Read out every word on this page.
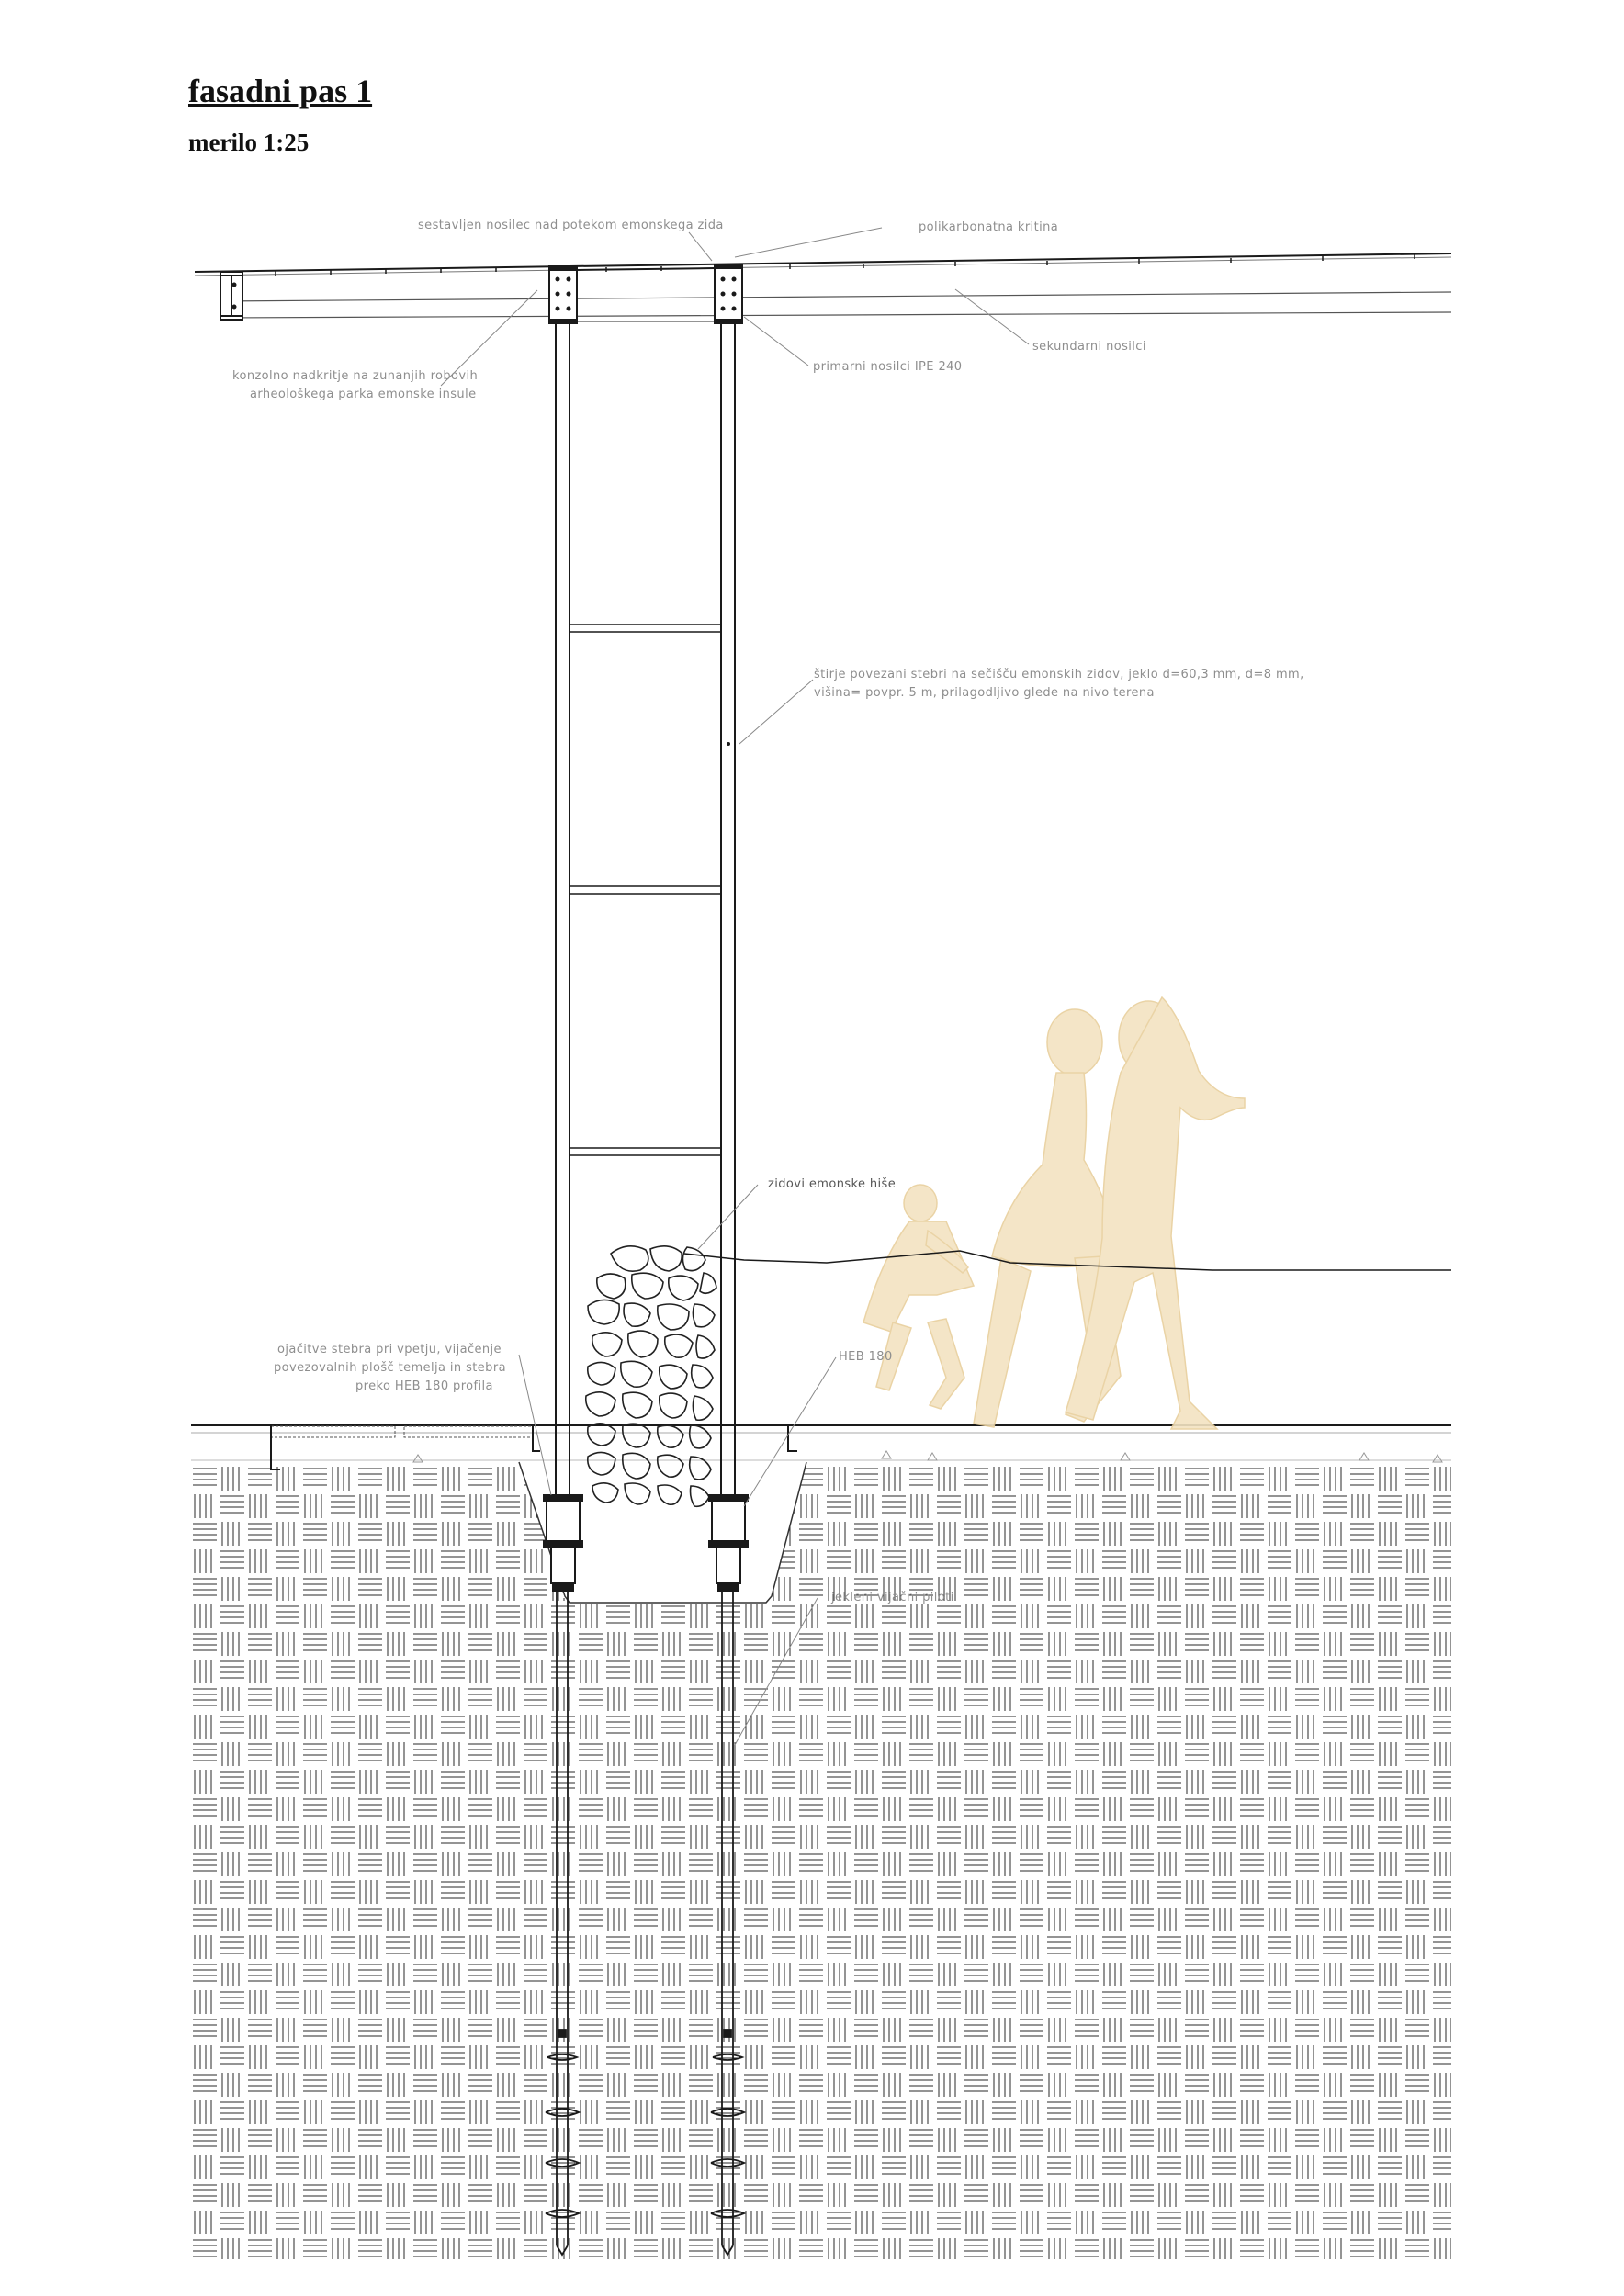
fasadni pas 1
merilo 1:25
sestavljen nosilec nad potekom emonskega zida	polikarbonatna kritina
sekundarni nosilci
primarni nosilci IPE 240
konzolno nadkritje na zunanjih robovih
arheološkega parka emonske insule
štirje povezani stebri na sečišču emonskih zidov, jeklo d=60,3 mm, d=8 mm,
višina= povpr. 5 m, prilagodljivo glede na nivo terena
zidovi emonske hiše
ojačitve stebra pri vpetju, vijačenje
povezovalnih plošč temelja in stebra
preko HEB 180 profila
HEB 180
jekleni vijačni piloti
